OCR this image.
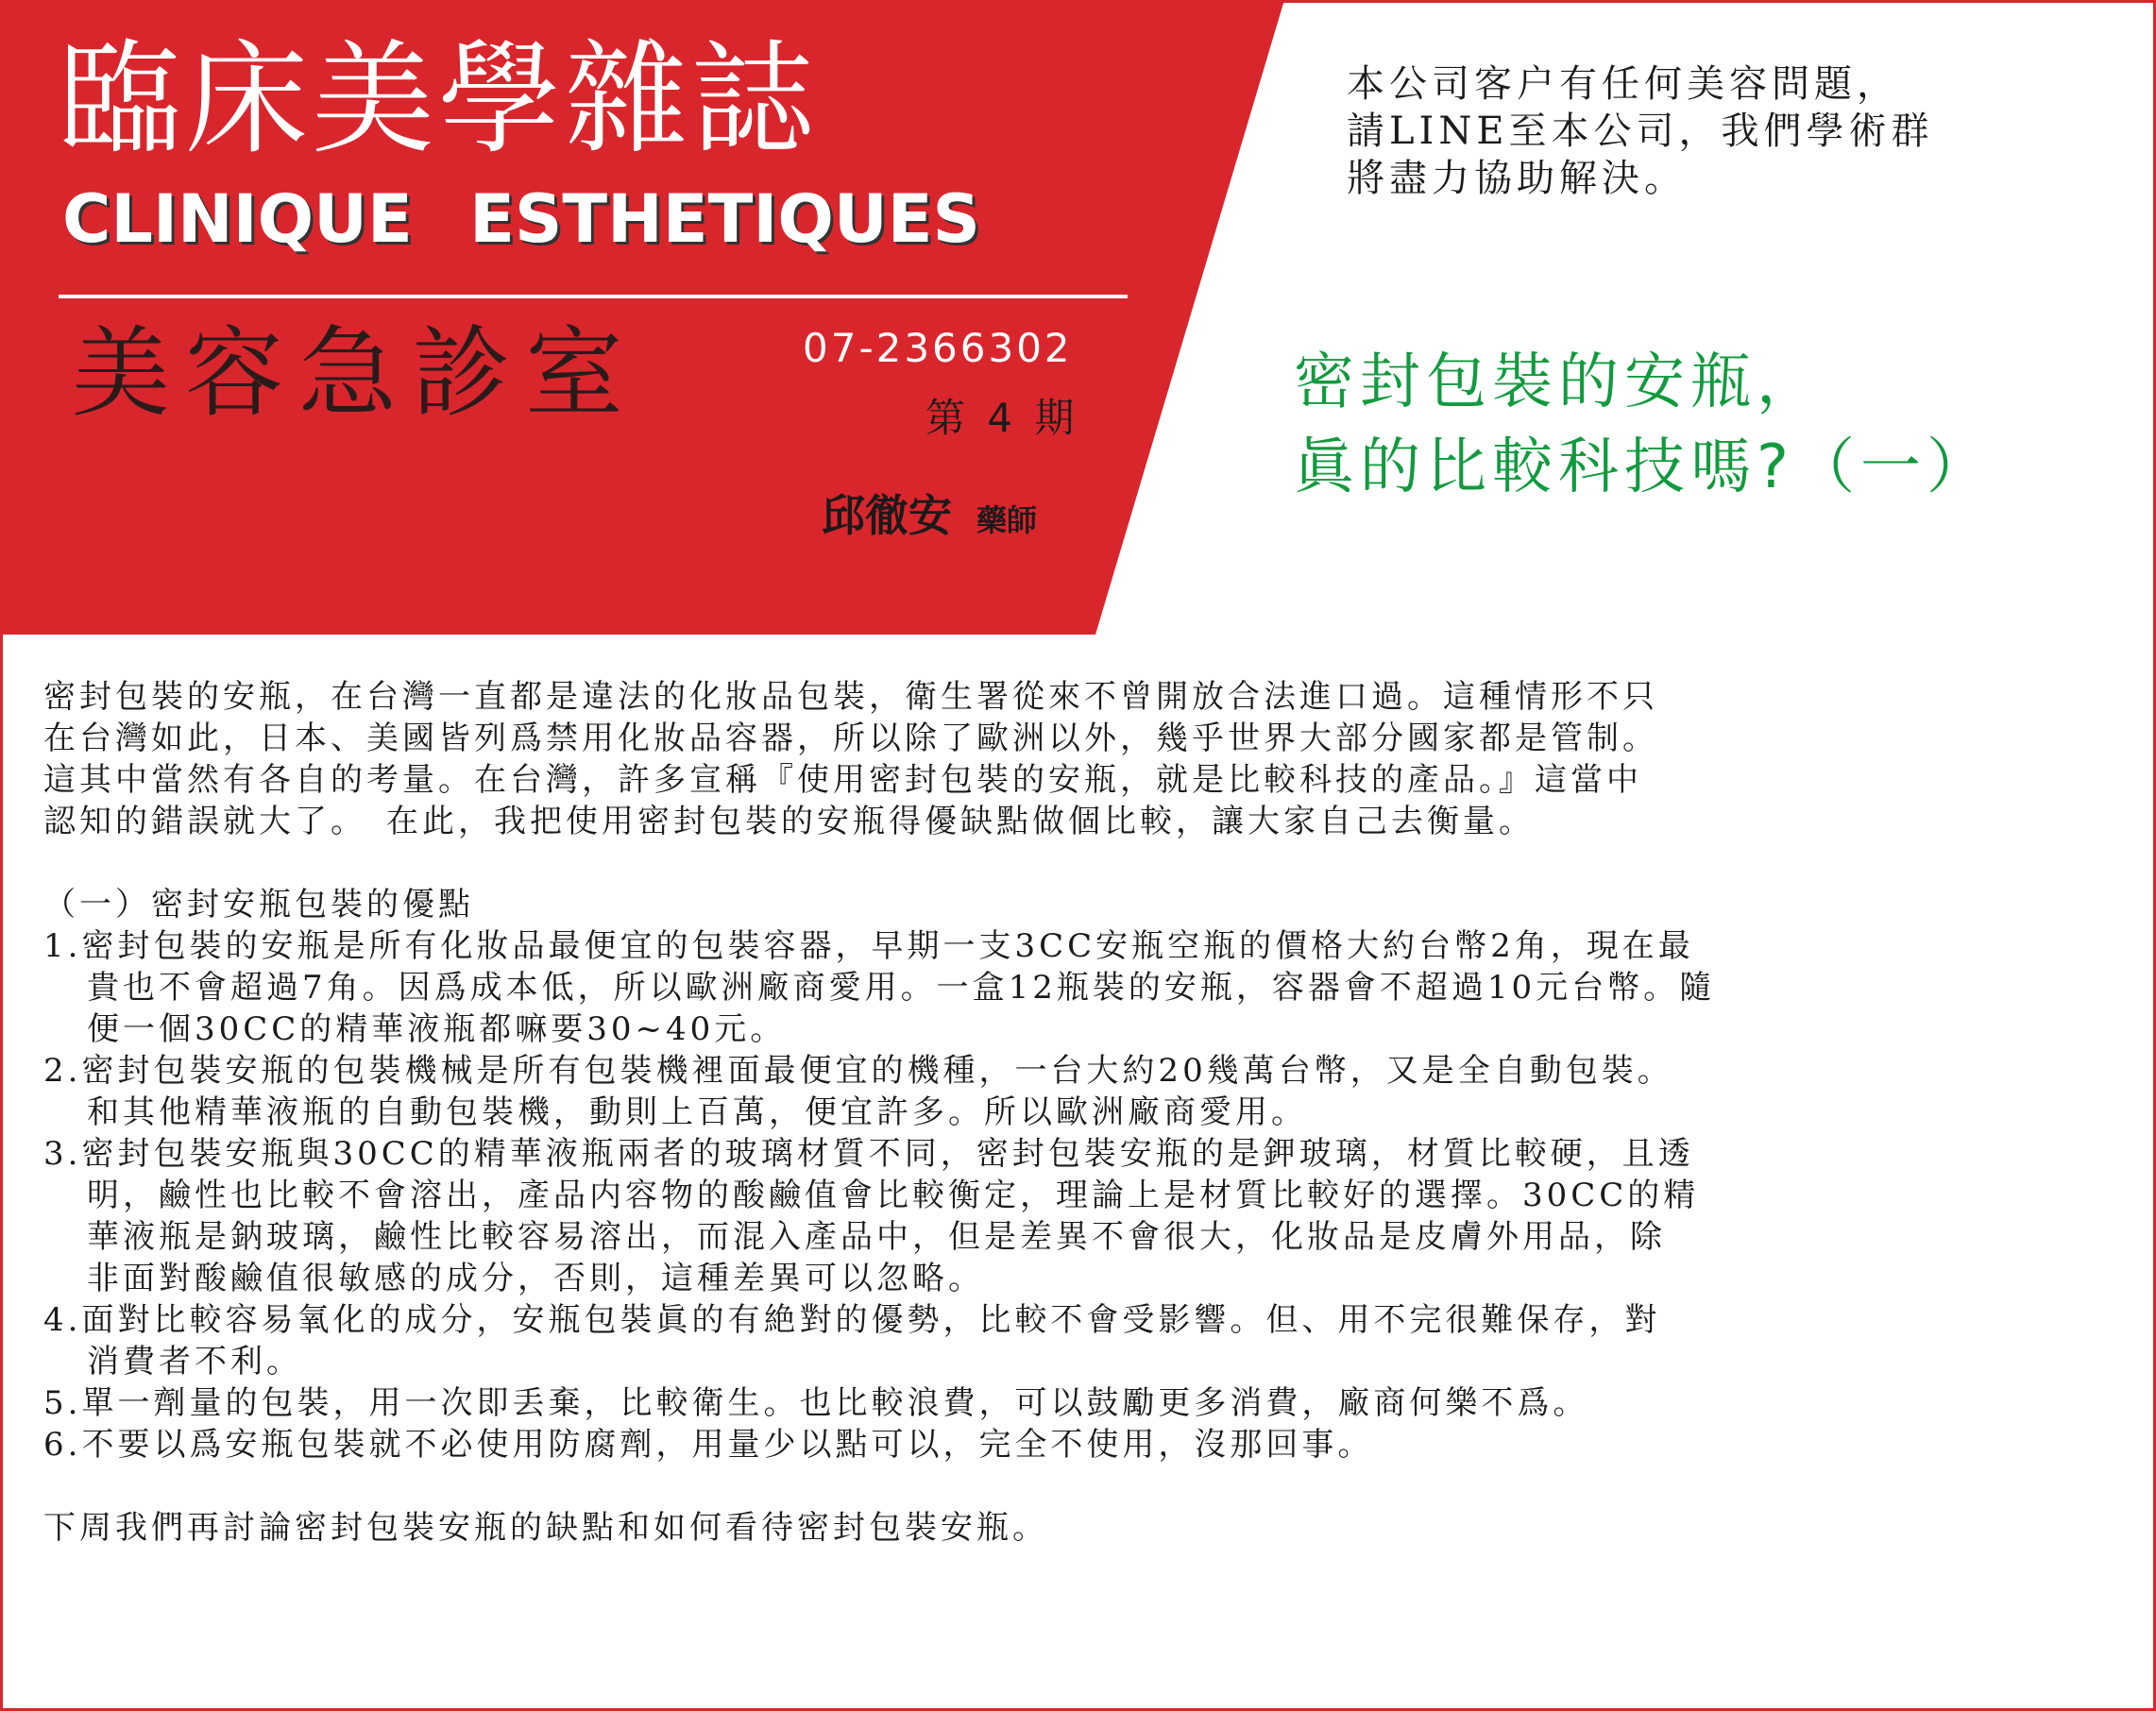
臨床美學雜誌
CLINIQUE ESTHETIQUES
美容急診室	07-2366302
第 4 期
邱徹安 藥師
本公司客户有任何美容問題，
請LINE至本公司，我們學術群
將盡力協助解決。
密封包裝的安瓶，
眞的比較科技嗎?（一）
密封包裝的安瓶，在台灣一直都是違法的化妝品包裝，衛生署從來不曾開放合法進口過。這種情形不只
在台灣如此，日本、美國皆列爲禁用化妝品容器，所以除了歐洲以外，幾乎世界大部分國家都是管制。
這其中當然有各自的考量。在台灣，許多宣稱『使用密封包裝的安瓶，就是比較科技的產品。』這當中
認知的錯誤就大了。　在此，我把使用密封包裝的安瓶得優缺點做個比較，讓大家自己去衡量。
（一）密封安瓶包裝的優點
1.密封包裝的安瓶是所有化妝品最便宜的包裝容器，早期一支3CC安瓶空瓶的價格大約台幣2角，現在最
貴也不會超過7角。因爲成本低，所以歐洲廠商愛用。一盒12瓶裝的安瓶，容器會不超過10元台幣。隨
便一個30CC的精華液瓶都嘛要30~40元。
2.密封包裝安瓶的包裝機械是所有包裝機裡面最便宜的機種，一台大約20幾萬台幣，又是全自動包裝。
和其他精華液瓶的自動包裝機，動則上百萬，便宜許多。所以歐洲廠商愛用。
3.密封包裝安瓶與30CC的精華液瓶兩者的玻璃材質不同，密封包裝安瓶的是鉀玻璃，材質比較硬，且透
明，鹼性也比較不會溶出，產品内容物的酸鹼值會比較衡定，理論上是材質比較好的選擇。30CC的精
華液瓶是鈉玻璃，鹼性比較容易溶出，而混入產品中，但是差異不會很大，化妝品是皮膚外用品，除
非面對酸鹼值很敏感的成分，否則，這種差異可以忽略。
4.面對比較容易氧化的成分，安瓶包裝眞的有絶對的優勢，比較不會受影響。但、用不完很難保存，對
消費者不利。
5.單一劑量的包裝，用一次即丢棄，比較衛生。也比較浪費，可以鼓勵更多消費，廠商何樂不爲。
6.不要以爲安瓶包裝就不必使用防腐劑，用量少以點可以，完全不使用，沒那回事。
下周我們再討論密封包裝安瓶的缺點和如何看待密封包裝安瓶。
